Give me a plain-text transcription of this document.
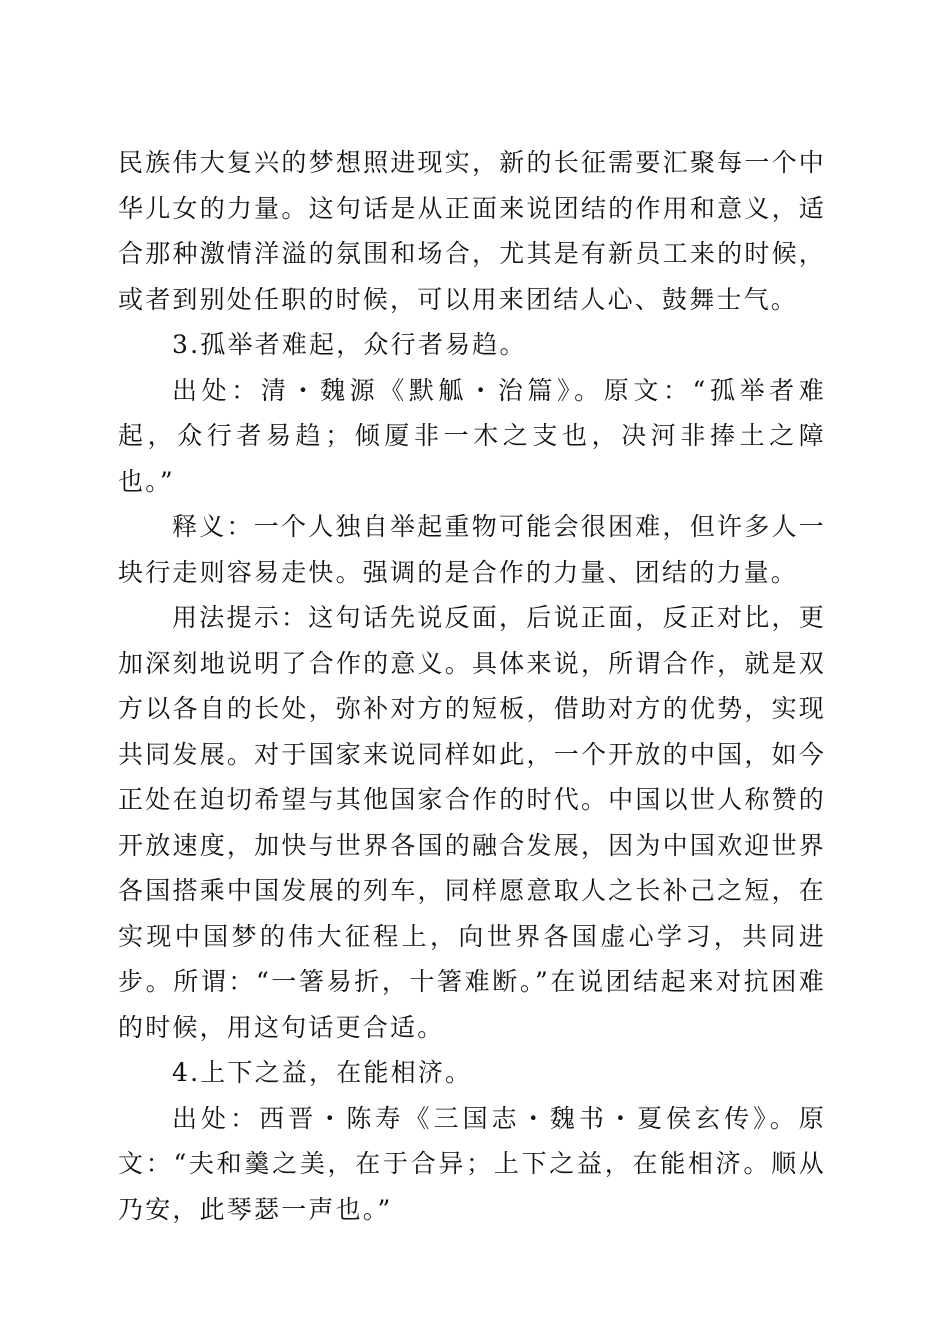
民族伟大复兴的梦想照进现实，新的长征需要汇聚每一个中华儿女的力量。这句话是从正面来说团结的作用和意义，适合那种激情洋溢的氛围和场合，尤其是有新员工来的时候，或者到别处任职的时候，可以用来团结人心、鼓舞士气。

3.孤举者难起，众行者易趋。

出处：清・魏源《默觚・治篇》。原文：“孤举者难起，众行者易趋；倾厦非一木之支也，决河非捧土之障也。”

释义：一个人独自举起重物可能会很困难，但许多人一块行走则容易走快。强调的是合作的力量、团结的力量。

用法提示：这句话先说反面，后说正面，反正对比，更加深刻地说明了合作的意义。具体来说，所谓合作，就是双方以各自的长处，弥补对方的短板，借助对方的优势，实现共同发展。对于国家来说同样如此，一个开放的中国，如今正处在迫切希望与其他国家合作的时代。中国以世人称赞的开放速度，加快与世界各国的融合发展，因为中国欢迎世界各国搭乘中国发展的列车，同样愿意取人之长补己之短，在实现中国梦的伟大征程上，向世界各国虚心学习，共同进步。所谓：“一箸易折，十箸难断。”在说团结起来对抗困难的时候，用这句话更合适。

4.上下之益，在能相济。

出处：西晋・陈寿《三国志・魏书・夏侯玄传》。原文：“夫和羹之美，在于合异；上下之益，在能相济。顺从乃安，此琴瑟一声也。”
